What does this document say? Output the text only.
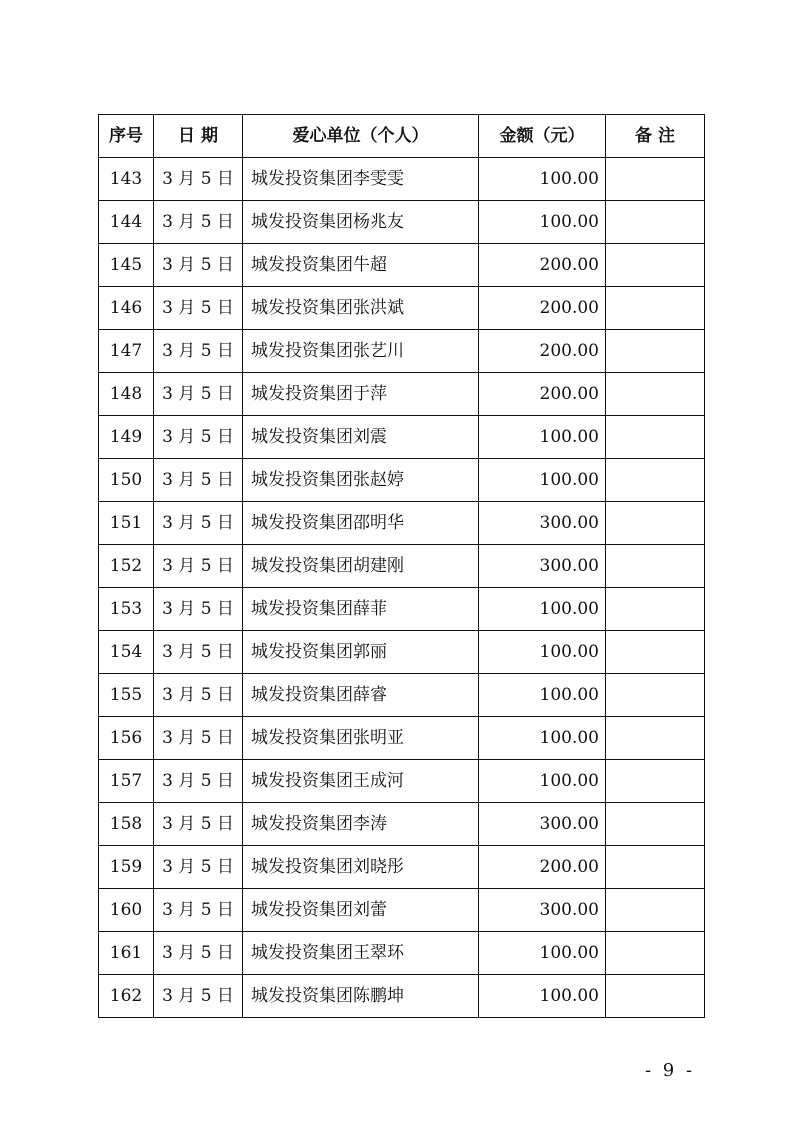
序号	日 期	爱心单位（个人）	金额（元）	备 注
143	3 月 5 日	城发投资集团李雯雯	100.00	
144	3 月 5 日	城发投资集团杨兆友	100.00	
145	3 月 5 日	城发投资集团牛超	200.00	
146	3 月 5 日	城发投资集团张洪斌	200.00	
147	3 月 5 日	城发投资集团张艺川	200.00	
148	3 月 5 日	城发投资集团于萍	200.00	
149	3 月 5 日	城发投资集团刘震	100.00	
150	3 月 5 日	城发投资集团张赵婷	100.00	
151	3 月 5 日	城发投资集团邵明华	300.00	
152	3 月 5 日	城发投资集团胡建刚	300.00	
153	3 月 5 日	城发投资集团薛菲	100.00	
154	3 月 5 日	城发投资集团郭丽	100.00	
155	3 月 5 日	城发投资集团薛睿	100.00	
156	3 月 5 日	城发投资集团张明亚	100.00	
157	3 月 5 日	城发投资集团王成河	100.00	
158	3 月 5 日	城发投资集团李涛	300.00	
159	3 月 5 日	城发投资集团刘晓彤	200.00	
160	3 月 5 日	城发投资集团刘蕾	300.00	
161	3 月 5 日	城发投资集团王翠环	100.00	
162	3 月 5 日	城发投资集团陈鹏坤	100.00	
- 9 -
